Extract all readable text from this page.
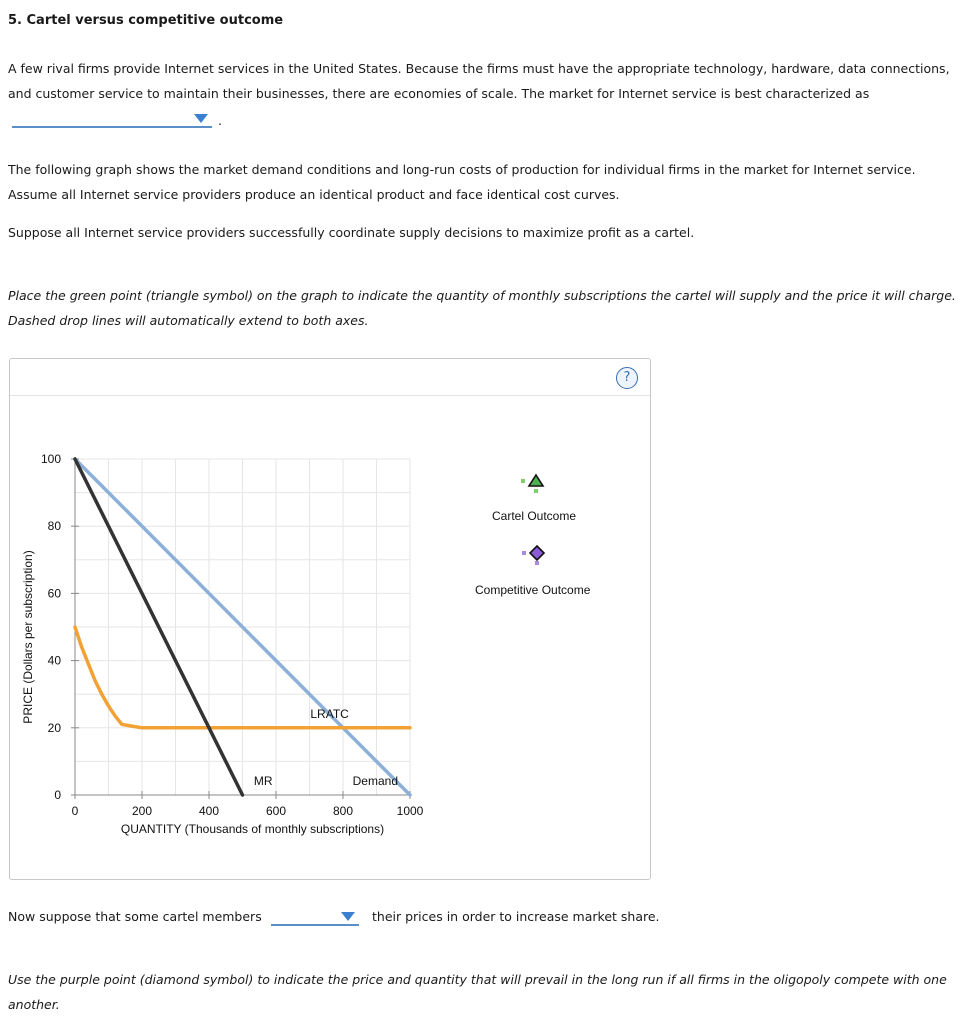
5. Cartel versus competitive outcome
A few rival firms provide Internet services in the United States. Because the firms must have the appropriate technology, hardware, data connections,
and customer service to maintain their businesses, there are economies of scale. The market for Internet service is best characterized as
.
The following graph shows the market demand conditions and long-run costs of production for individual firms in the market for Internet service.
Assume all Internet service providers produce an identical product and face identical cost curves.
Suppose all Internet service providers successfully coordinate supply decisions to maximize profit as a cartel.
Place the green point (triangle symbol) on the graph to indicate the quantity of monthly subscriptions the cartel will supply and the price it will charge.
Dashed drop lines will automatically extend to both axes.
?
0	200	400	600	800	1000
0
20
40
60
80
100
Demand
MR
LRATC
QUANTITY (Thousands of monthly subscriptions)
PRICE (Dollars per subscription)
Cartel Outcome
Competitive Outcome
Now suppose that some cartel members	their prices in order to increase market share.
Use the purple point (diamond symbol) to indicate the price and quantity that will prevail in the long run if all firms in the oligopoly compete with one
another.
